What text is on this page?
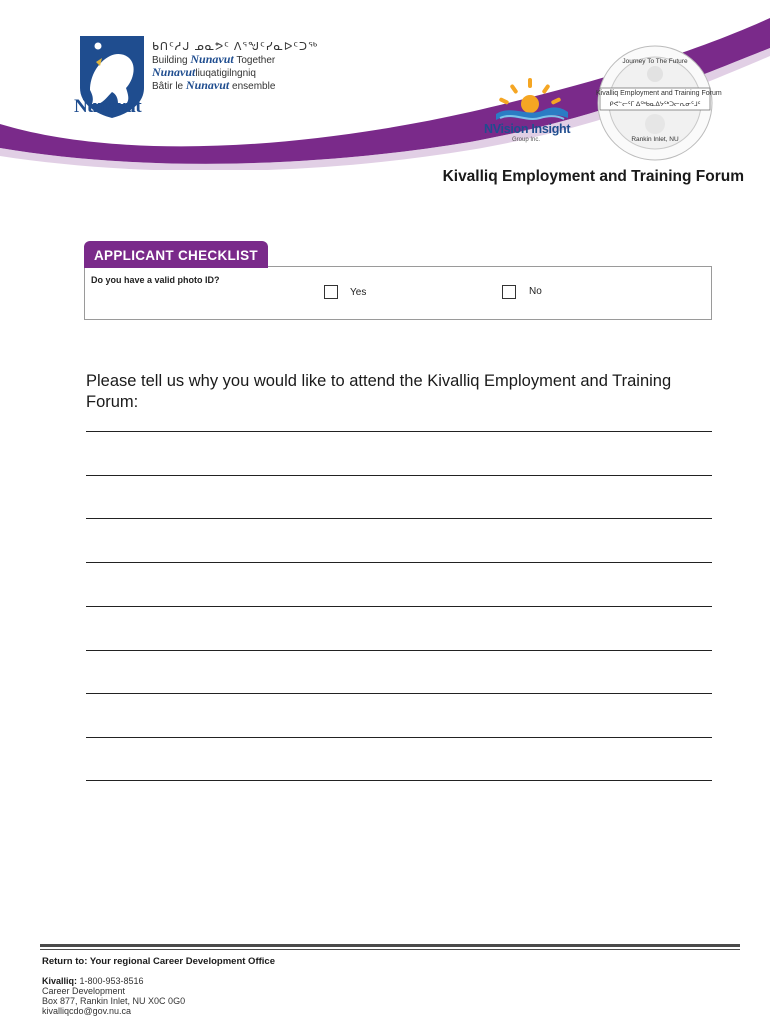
Nunavut
ᑲᑎᑦᓱᒍ ᓄᓇᕗᑦ ᐱᕐᖑᑦᓯᓇᐅᑦᑐᖅ
Building Nunavut Together
Nunavutliuqatigilngniq
Bâtir le Nunavut ensemble
NVision Insight
Group Inc.
Journey To The Future
Kivalliq Employment and Training Forum
ᑭᕙᓪᓕᕐᒥ ᐃᖅᑲᓇᐃᔭᖅᑐᓕᕆᓂᕐᒧᑦ
Rankin Inlet, NU
Kivalliq Employment and Training Forum
APPLICANT CHECKLIST
Do you have a valid photo ID?
Yes	No
Please tell us why you would like to attend the Kivalliq Employment and Training Forum:
Return to: Your regional Career Development Office
Kivalliq: 1-800-953-8516
Career Development
Box 877, Rankin Inlet, NU X0C 0G0
kivalliqcdo@gov.nu.ca
